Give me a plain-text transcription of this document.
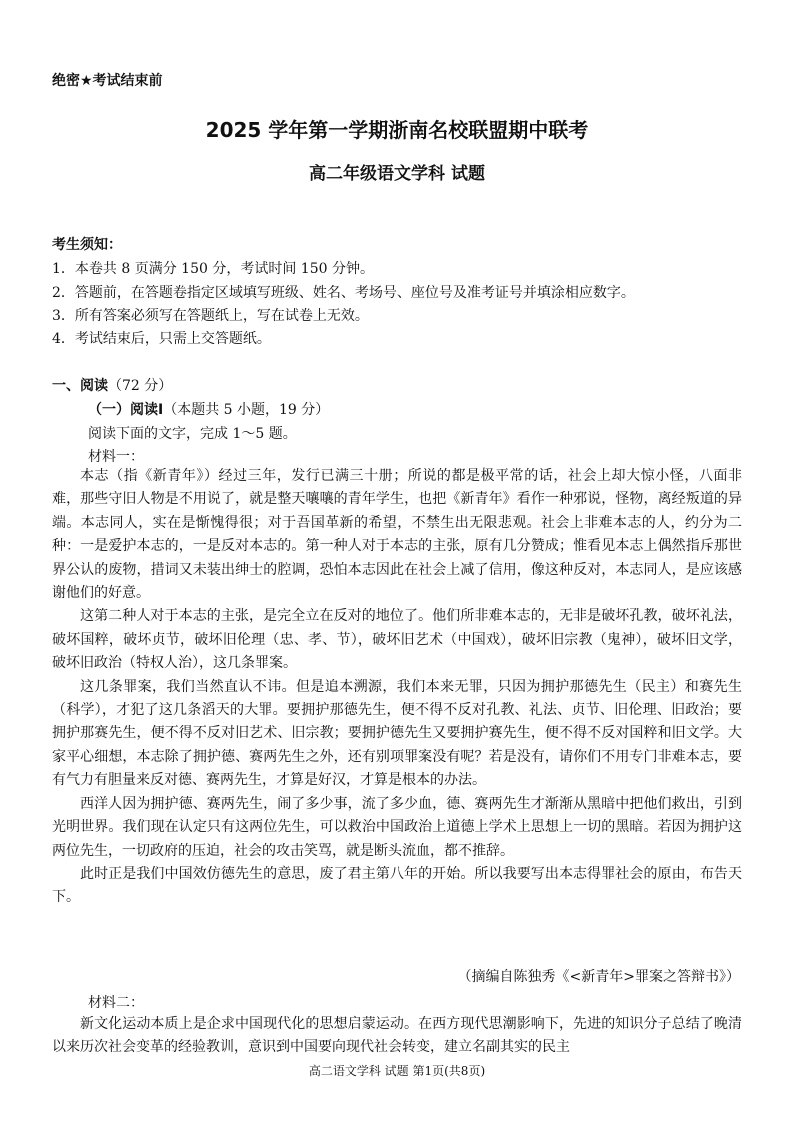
绝密★考试结束前
2025 学年第一学期浙南名校联盟期中联考
高二年级语文学科 试题
考生须知：
1．本卷共 8 页满分 150 分，考试时间 150 分钟。
2．答题前，在答题卷指定区域填写班级、姓名、考场号、座位号及准考证号并填涂相应数字。
3．所有答案必须写在答题纸上，写在试卷上无效。
4．考试结束后，只需上交答题纸。
一、阅读（72 分）
（一）阅读Ⅰ（本题共 5 小题，19 分）
阅读下面的文字，完成 1～5 题。
材料一：

本志（指《新青年》）经过三年，发行已满三十册；所说的都是极平常的话，社会上却大惊小怪，八面非难，那些守旧人物是不用说了，就是整天嚷嚷的青年学生，也把《新青年》看作一种邪说，怪物，离经叛道的异端。本志同人，实在是惭愧得很；对于吾国革新的希望，不禁生出无限悲观。社会上非难本志的人，约分为二种：一是爱护本志的，一是反对本志的。第一种人对于本志的主张，原有几分赞成；惟看见本志上偶然指斥那世界公认的废物，措词又未装出绅士的腔调，恐怕本志因此在社会上减了信用，像这种反对，本志同人，是应该感谢他们的好意。

这第二种人对于本志的主张，是完全立在反对的地位了。他们所非难本志的，无非是破坏孔教，破坏礼法，破坏国粹，破坏贞节，破坏旧伦理（忠、孝、节），破坏旧艺术（中国戏），破坏旧宗教（鬼神），破坏旧文学，破坏旧政治（特权人治），这几条罪案。

这几条罪案，我们当然直认不讳。但是追本溯源，我们本来无罪，只因为拥护那德先生（民主）和赛先生（科学），才犯了这几条滔天的大罪。要拥护那德先生，便不得不反对孔教、礼法、贞节、旧伦理、旧政治；要拥护那赛先生，便不得不反对旧艺术、旧宗教；要拥护德先生又要拥护赛先生，便不得不反对国粹和旧文学。大家平心细想，本志除了拥护德、赛两先生之外，还有别项罪案没有呢？若是没有，请你们不用专门非难本志，要有气力有胆量来反对德、赛两先生，才算是好汉，才算是根本的办法。

西洋人因为拥护德、赛两先生，闹了多少事，流了多少血，德、赛两先生才渐渐从黑暗中把他们救出，引到光明世界。我们现在认定只有这两位先生，可以救治中国政治上道德上学术上思想上一切的黑暗。若因为拥护这两位先生，一切政府的压迫，社会的攻击笑骂，就是断头流血，都不推辞。

此时正是我们中国效仿德先生的意思，废了君主第八年的开始。所以我要写出本志得罪社会的原由，布告天下。

（摘编自陈独秀《<新青年>罪案之答辩书》）
材料二：

新文化运动本质上是企求中国现代化的思想启蒙运动。在西方现代思潮影响下，先进的知识分子总结了晚清以来历次社会变革的经验教训，意识到中国要向现代社会转变，建立名副其实的民主

高二语文学科 试题 第1页(共8页)
